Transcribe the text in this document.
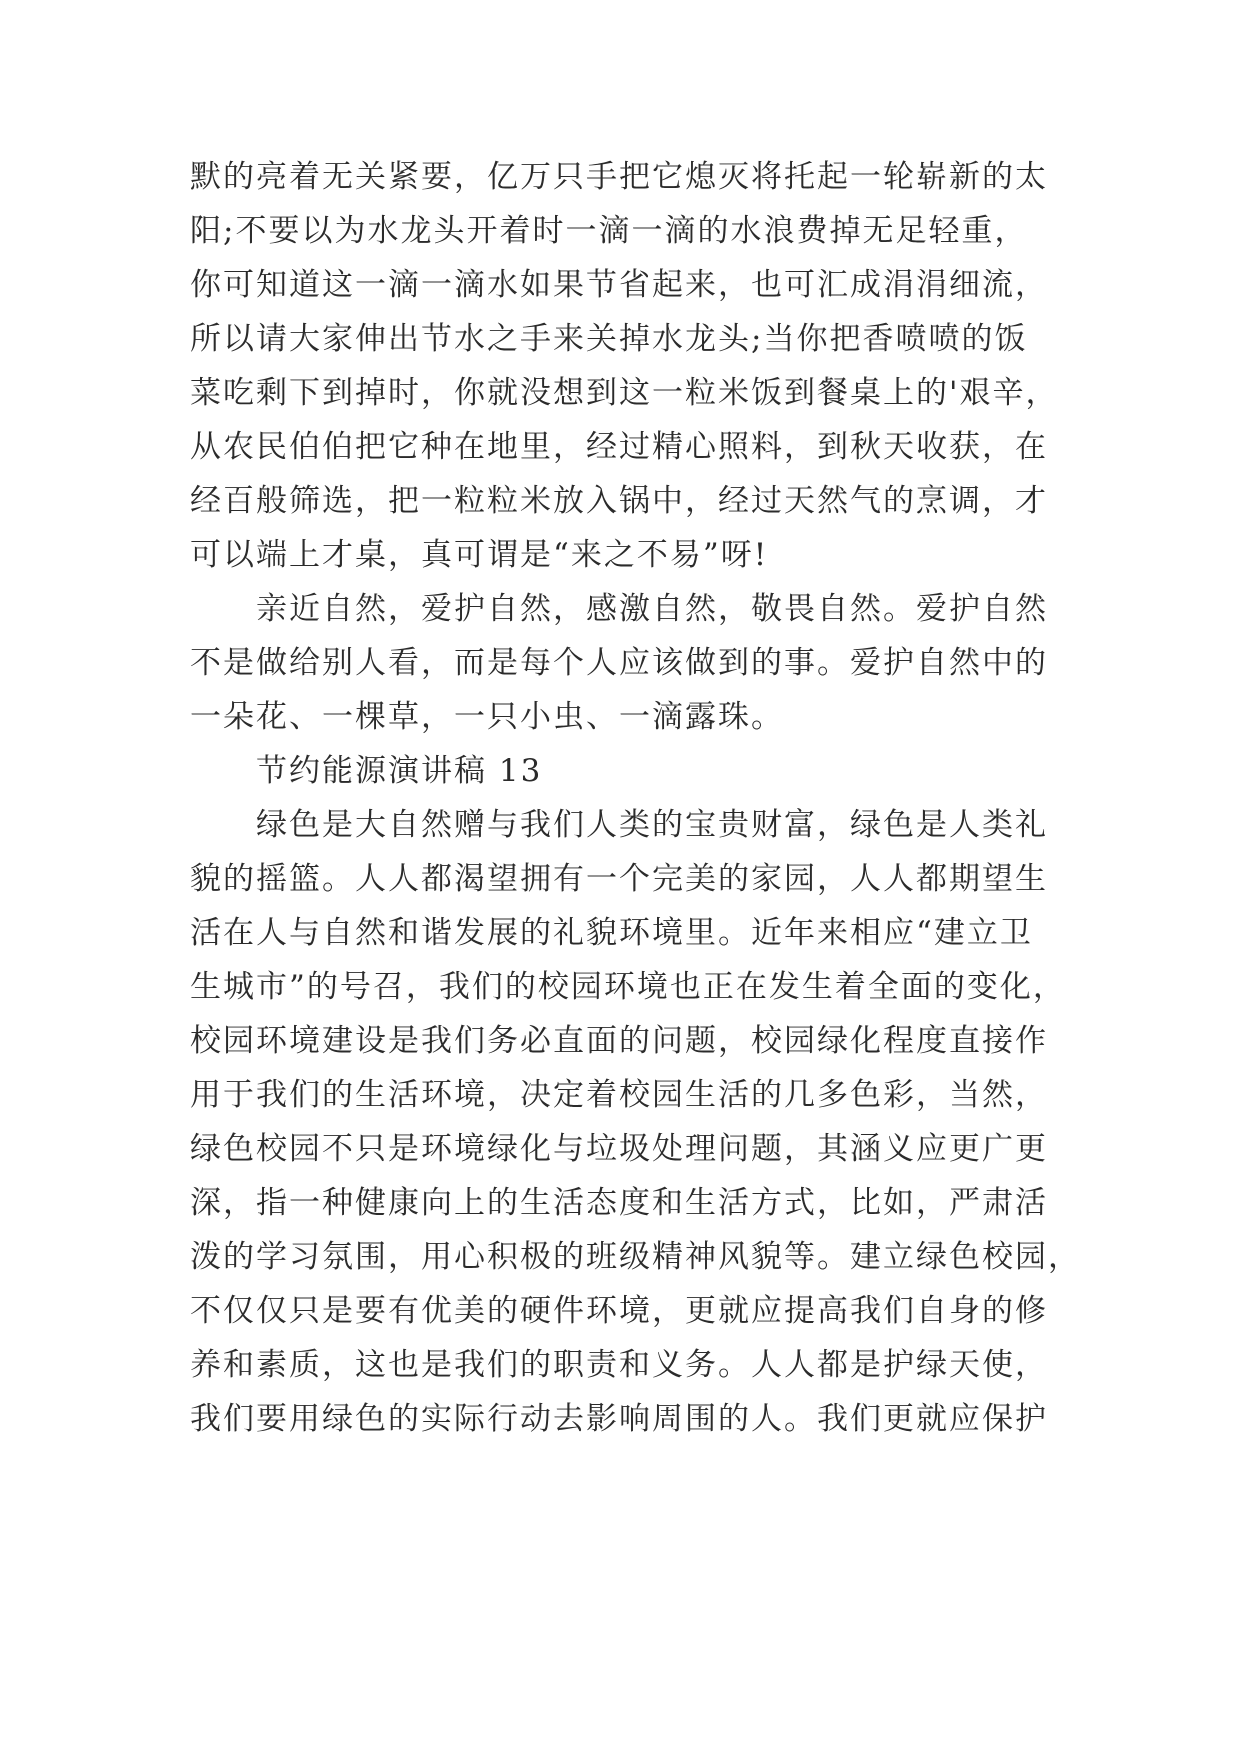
默的亮着无关紧要，亿万只手把它熄灭将托起一轮崭新的太
阳;不要以为水龙头开着时一滴一滴的水浪费掉无足轻重，
你可知道这一滴一滴水如果节省起来，也可汇成涓涓细流，
所以请大家伸出节水之手来关掉水龙头;当你把香喷喷的饭
菜吃剩下到掉时，你就没想到这一粒米饭到餐桌上的'艰辛，
从农民伯伯把它种在地里，经过精心照料，到秋天收获，在
经百般筛选，把一粒粒米放入锅中，经过天然气的烹调，才
可以端上才桌，真可谓是“来之不易”呀!
亲近自然，爱护自然，感激自然，敬畏自然。爱护自然
不是做给别人看，而是每个人应该做到的事。爱护自然中的
一朵花、一棵草，一只小虫、一滴露珠。
节约能源演讲稿 13
绿色是大自然赠与我们人类的宝贵财富，绿色是人类礼
貌的摇篮。人人都渴望拥有一个完美的家园，人人都期望生
活在人与自然和谐发展的礼貌环境里。近年来相应“建立卫
生城市”的号召，我们的校园环境也正在发生着全面的变化，
校园环境建设是我们务必直面的问题，校园绿化程度直接作
用于我们的生活环境，决定着校园生活的几多色彩，当然，
绿色校园不只是环境绿化与垃圾处理问题，其涵义应更广更
深，指一种健康向上的生活态度和生活方式，比如，严肃活
泼的学习氛围，用心积极的班级精神风貌等。建立绿色校园，
不仅仅只是要有优美的硬件环境，更就应提高我们自身的修
养和素质，这也是我们的职责和义务。人人都是护绿天使，
我们要用绿色的实际行动去影响周围的人。我们更就应保护
